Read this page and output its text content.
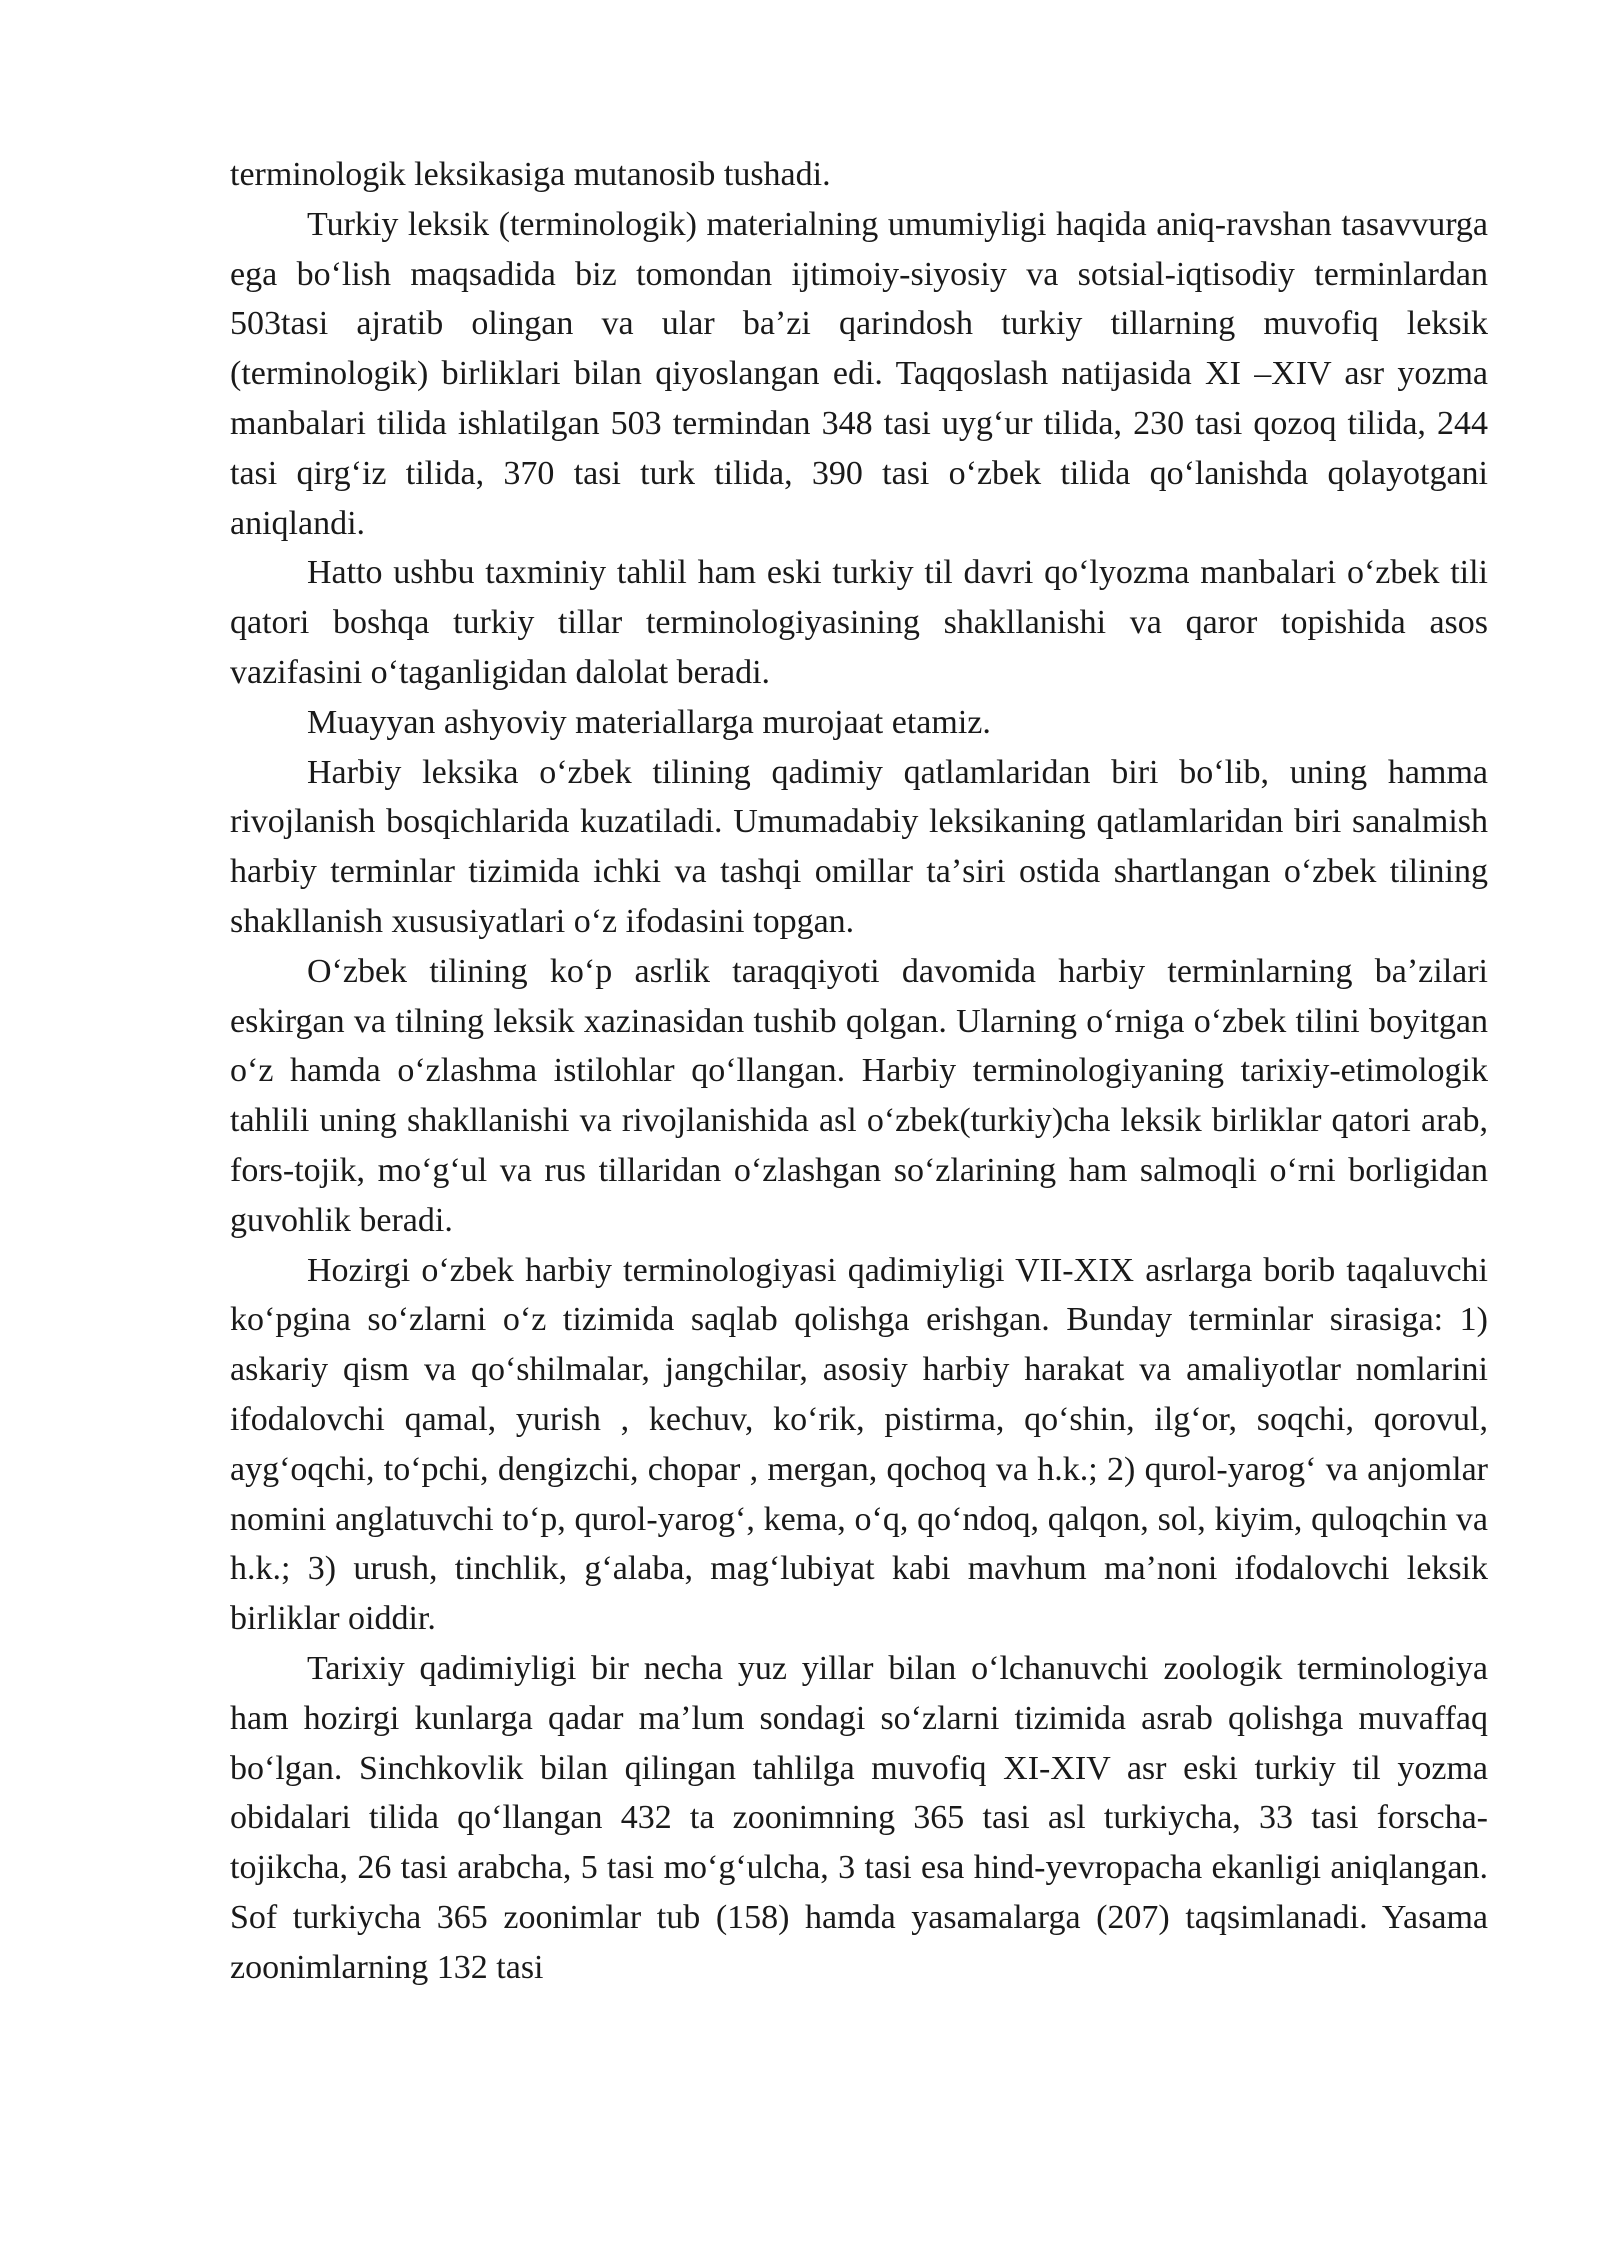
terminologik leksikasiga mutanosib tushadi.

Turkiy leksik (terminologik) materialning umumiyligi haqida aniq-ravshan tasavvurga ega boʻlish maqsadida biz tomondan ijtimoiy-siyosiy va sotsial-iqtisodiy terminlardan 503tasi ajratib olingan va ular baʼzi qarindosh turkiy tillarning muvofiq leksik (terminologik) birliklari bilan qiyoslangan edi. Taqqoslash natijasida XI –XIV asr yozma manbalari tilida ishlatilgan 503 termindan 348 tasi uygʻur tilida, 230 tasi qozoq tilida, 244 tasi qirgʻiz tilida, 370 tasi turk tilida, 390 tasi oʻzbek tilida qoʻlanishda qolayotgani aniqlandi.

Hatto ushbu taxminiy tahlil ham eski turkiy til davri qoʻlyozma manbalari oʻzbek tili qatori boshqa turkiy tillar terminologiyasining shakllanishi va qaror topishida asos vazifasini oʻtaganligidan dalolat beradi.

Muayyan ashyoviy materiallarga murojaat etamiz.

Harbiy leksika oʻzbek tilining qadimiy qatlamlaridan biri boʻlib, uning hamma rivojlanish bosqichlarida kuzatiladi. Umumadabiy leksikaning qatlamlaridan biri sanalmish harbiy terminlar tizimida ichki va tashqi omillar taʼsiri ostida shartlangan oʻzbek tilining shakllanish xususiyatlari oʻz ifodasini topgan.

Oʻzbek tilining koʻp asrlik taraqqiyoti davomida harbiy terminlarning baʼzilari eskirgan va tilning leksik xazinasidan tushib qolgan. Ularning oʻrniga oʻzbek tilini boyitgan oʻz hamda oʻzlashma istilohlar qoʻllangan. Harbiy terminologiyaning tarixiy-etimologik tahlili uning shakllanishi va rivojlanishida asl oʻzbek(turkiy)cha leksik birliklar qatori arab, fors-tojik, moʻgʻul va rus tillaridan oʻzlashgan soʻzlarining ham salmoqli oʻrni borligidan guvohlik beradi.

Hozirgi oʻzbek harbiy terminologiyasi qadimiyligi VII-XIX asrlarga borib taqaluvchi koʻpgina soʻzlarni oʻz tizimida saqlab qolishga erishgan. Bunday terminlar sirasiga: 1) askariy qism va qoʻshilmalar, jangchilar, asosiy harbiy harakat va amaliyotlar nomlarini ifodalovchi qamal, yurish , kechuv, koʻrik, pistirma, qoʻshin, ilgʻor, soqchi, qorovul, aygʻoqchi, toʻpchi, dengizchi, chopar , mergan, qochoq va h.k.; 2) qurol-yarogʻ va anjomlar nomini anglatuvchi toʻp, qurol-yarogʻ, kema, oʻq, qoʻndoq, qalqon, sol, kiyim, quloqchin va h.k.; 3) urush, tinchlik, gʻalaba, magʻlubiyat kabi mavhum maʼnoni ifodalovchi leksik birliklar oiddir.

Tarixiy qadimiyligi bir necha yuz yillar bilan oʻlchanuvchi zoologik terminologiya ham hozirgi kunlarga qadar maʼlum sondagi soʻzlarni tizimida asrab qolishga muvaffaq boʻlgan. Sinchkovlik bilan qilingan tahlilga muvofiq XI-XIV asr eski turkiy til yozma obidalari tilida qoʻllangan 432 ta zoonimning 365 tasi asl turkiycha, 33 tasi forscha-tojikcha, 26 tasi arabcha, 5 tasi moʻgʻulcha, 3 tasi esa hind-yevropacha ekanligi aniqlangan. Sof turkiycha 365 zoonimlar tub (158) hamda yasamalarga (207) taqsimlanadi. Yasama zoonimlarning 132 tasi
